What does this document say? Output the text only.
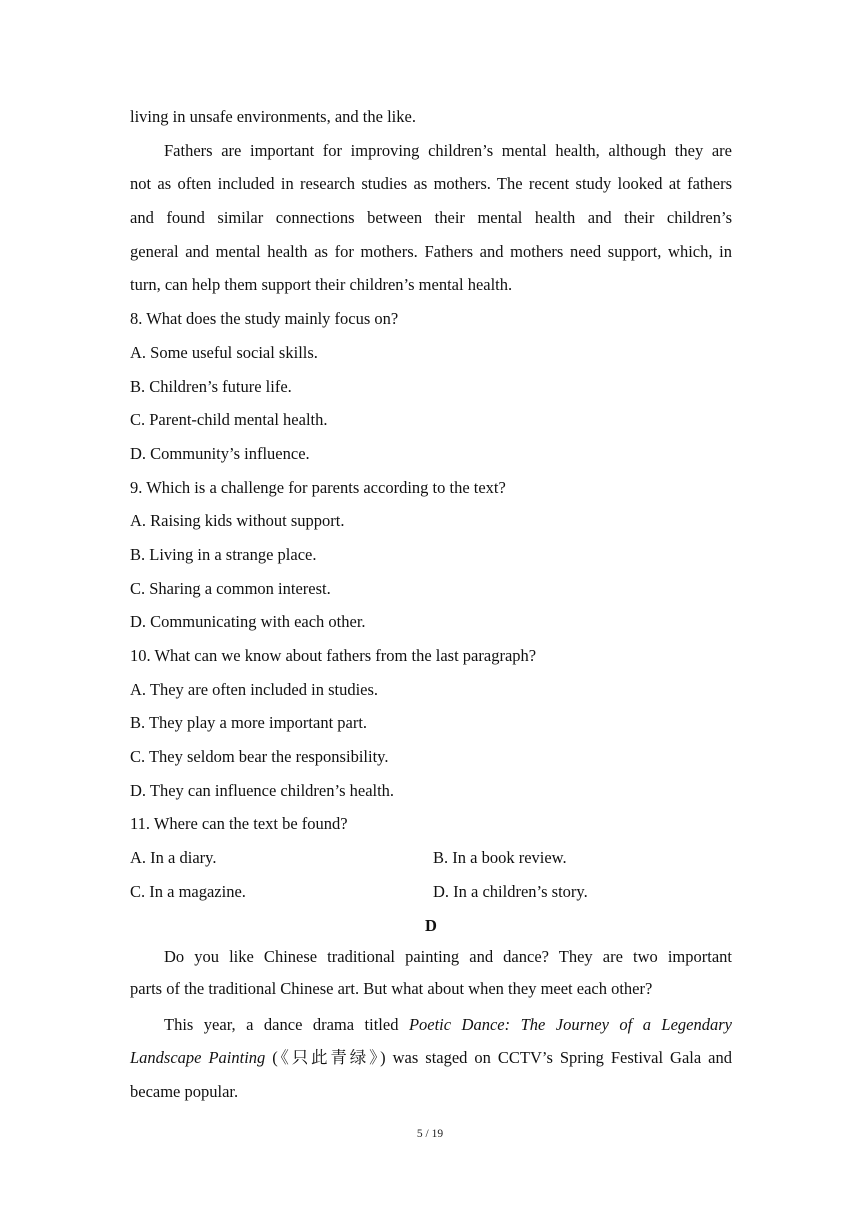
living in unsafe environments, and the like.
Fathers are important for improving children’s mental health, although they are
not as often included in research studies as mothers. The recent study looked at fathers
and found similar connections between their mental health and their children’s
general and mental health as for mothers. Fathers and mothers need support, which, in
turn, can help them support their children’s mental health.
8. What does the study mainly focus on?
A. Some useful social skills.
B. Children’s future life.
C. Parent-child mental health.
D. Community’s influence.
9. Which is a challenge for parents according to the text?
A. Raising kids without support.
B. Living in a strange place.
C. Sharing a common interest.
D. Communicating with each other.
10. What can we know about fathers from the last paragraph?
A. They are often included in studies.
B. They play a more important part.
C. They seldom bear the responsibility.
D. They can influence children’s health.
11. Where can the text be found?
A. In a diary.	B. In a book review.
C. In a magazine.	D. In a children’s story.
D
Do you like Chinese traditional painting and dance? They are two important
parts of the traditional Chinese art. But what about when they meet each other?
This year, a dance drama titled Poetic Dance: The Journey of a Legendary
Landscape Painting (《只此青绿》) was staged on CCTV’s Spring Festival Gala and
became popular.
5 / 19
